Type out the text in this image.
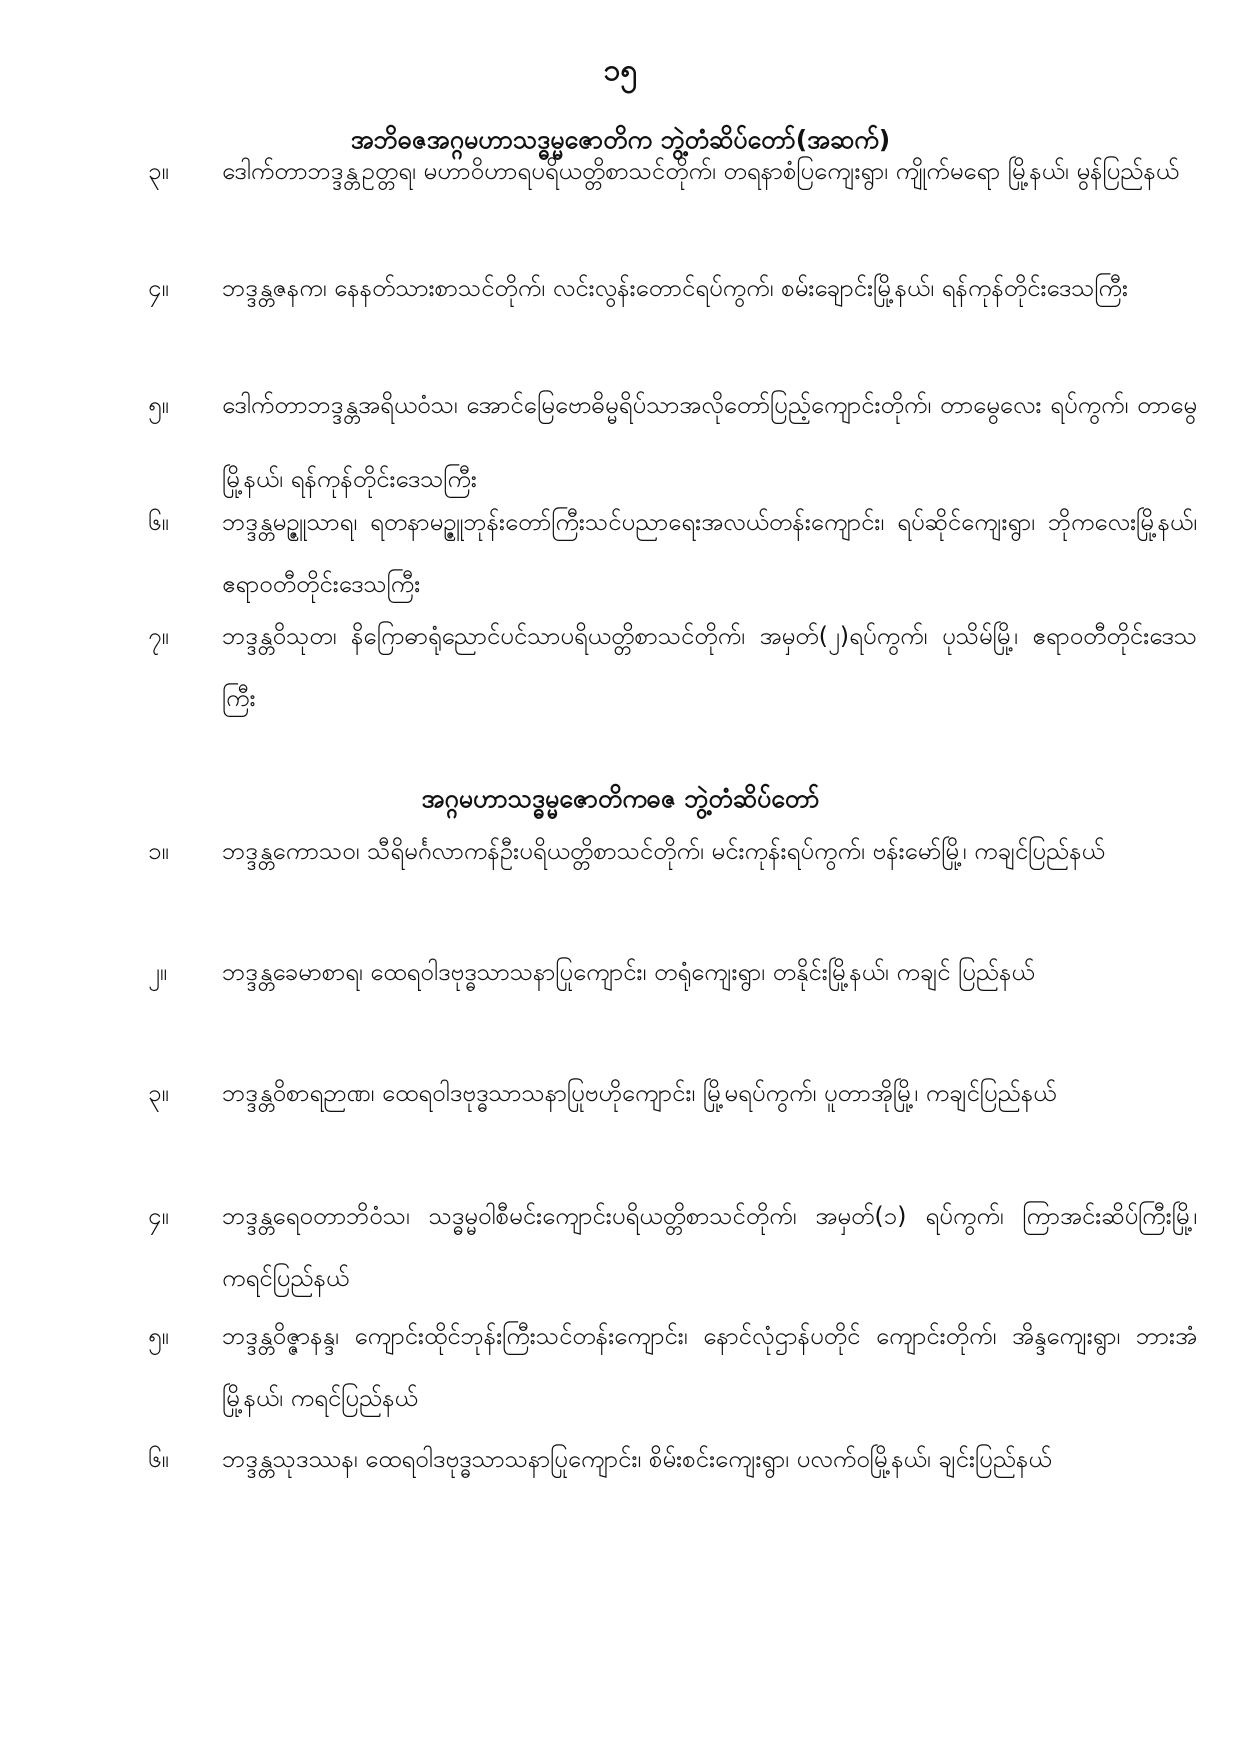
၁၅
အဘိဓဇအဂ္ဂမဟာသဒ္ဓမ္မဇောတိက ဘွဲ့တံဆိပ်တော်(အဆက်)
၃။ ဒေါက်တာဘဒ္ဒန္တဥတ္တရ၊ မဟာဝိဟာရပရိယတ္တိစာသင်တိုက်၊ တရနာစံပြကျေးရွာ၊ ကျိုက်မရော မြို့နယ်၊ မွန်ပြည်နယ်
၄။ ဘဒ္ဒန္တဇနက၊ နေနတ်သားစာသင်တိုက်၊ လင်းလွန်းတောင်ရပ်ကွက်၊ စမ်းချောင်းမြို့နယ်၊ ရန်ကုန်တိုင်းဒေသကြီး
၅။ ဒေါက်တာဘဒ္ဒန္တအရိယဝံသ၊ အောင်မြေဗောဓိမ္မရိပ်သာအလိုတော်ပြည့်ကျောင်းတိုက်၊ တာမွေလေး ရပ်ကွက်၊ တာမွေမြို့နယ်၊ ရန်ကုန်တိုင်းဒေသကြီး
၆။ ဘဒ္ဒန္တမဥ္ဇူသာရ၊ ရတနာမဥ္ဇူဘုန်းတော်ကြီးသင်ပညာရေးအလယ်တန်းကျောင်း၊ ရပ်ဆိုင်ကျေးရွာ၊ ဘိုကလေးမြို့နယ်၊ ဧရာဝတီတိုင်းဒေသကြီး
၇။ ဘဒ္ဒန္တဝိသုတ၊ နိဂြောဓာရုံညောင်ပင်သာပရိယတ္တိစာသင်တိုက်၊ အမှတ်(၂)ရပ်ကွက်၊ ပုသိမ်မြို့၊ ဧရာဝတီတိုင်းဒေသကြီး
အဂ္ဂမဟာသဒ္ဓမ္မဇောတိကဓဇ ဘွဲ့တံဆိပ်တော်
၁။ ဘဒ္ဒန္တကောသဝ၊ သီရိမင်္ဂလာကန်ဦးပရိယတ္တိစာသင်တိုက်၊ မင်းကုန်းရပ်ကွက်၊ ဗန်းမော်မြို့၊ ကချင်ပြည်နယ်
၂။ ဘဒ္ဒန္တခေမာစာရ၊ ထေရဝါဒဗုဒ္ဓသာသနာပြုကျောင်း၊ တရုံကျေးရွာ၊ တနိုင်းမြို့နယ်၊ ကချင် ပြည်နယ်
၃။ ဘဒ္ဒန္တဝိစာရဉာဏ၊ ထေရဝါဒဗုဒ္ဓသာသနာပြုဗဟိုကျောင်း၊ မြို့မရပ်ကွက်၊ ပူတာအိုမြို့၊ ကချင်ပြည်နယ်
၄။ ဘဒ္ဒန္တရေဝတာဘိဝံသ၊ သဒ္ဓမ္မဝါစီမင်းကျောင်းပရိယတ္တိစာသင်တိုက်၊ အမှတ်(၁) ရပ်ကွက်၊ ကြာအင်းဆိပ်ကြီးမြို့၊ ကရင်ပြည်နယ်
၅။ ဘဒ္ဒန္တဝိဇ္ဇာနန္ဒ၊ ကျောင်းထိုင်ဘုန်းကြီးသင်တန်းကျောင်း၊ နောင်လုံဌာန်ပတိုင် ကျောင်းတိုက်၊ အိန္ဒကျေးရွာ၊ ဘားအံမြို့နယ်၊ ကရင်ပြည်နယ်
၆။ ဘဒ္ဒန္တသုဒဿန၊ ထေရဝါဒဗုဒ္ဓသာသနာပြုကျောင်း၊ စိမ်းစင်းကျေးရွာ၊ ပလက်ဝမြို့နယ်၊ ချင်းပြည်နယ်
